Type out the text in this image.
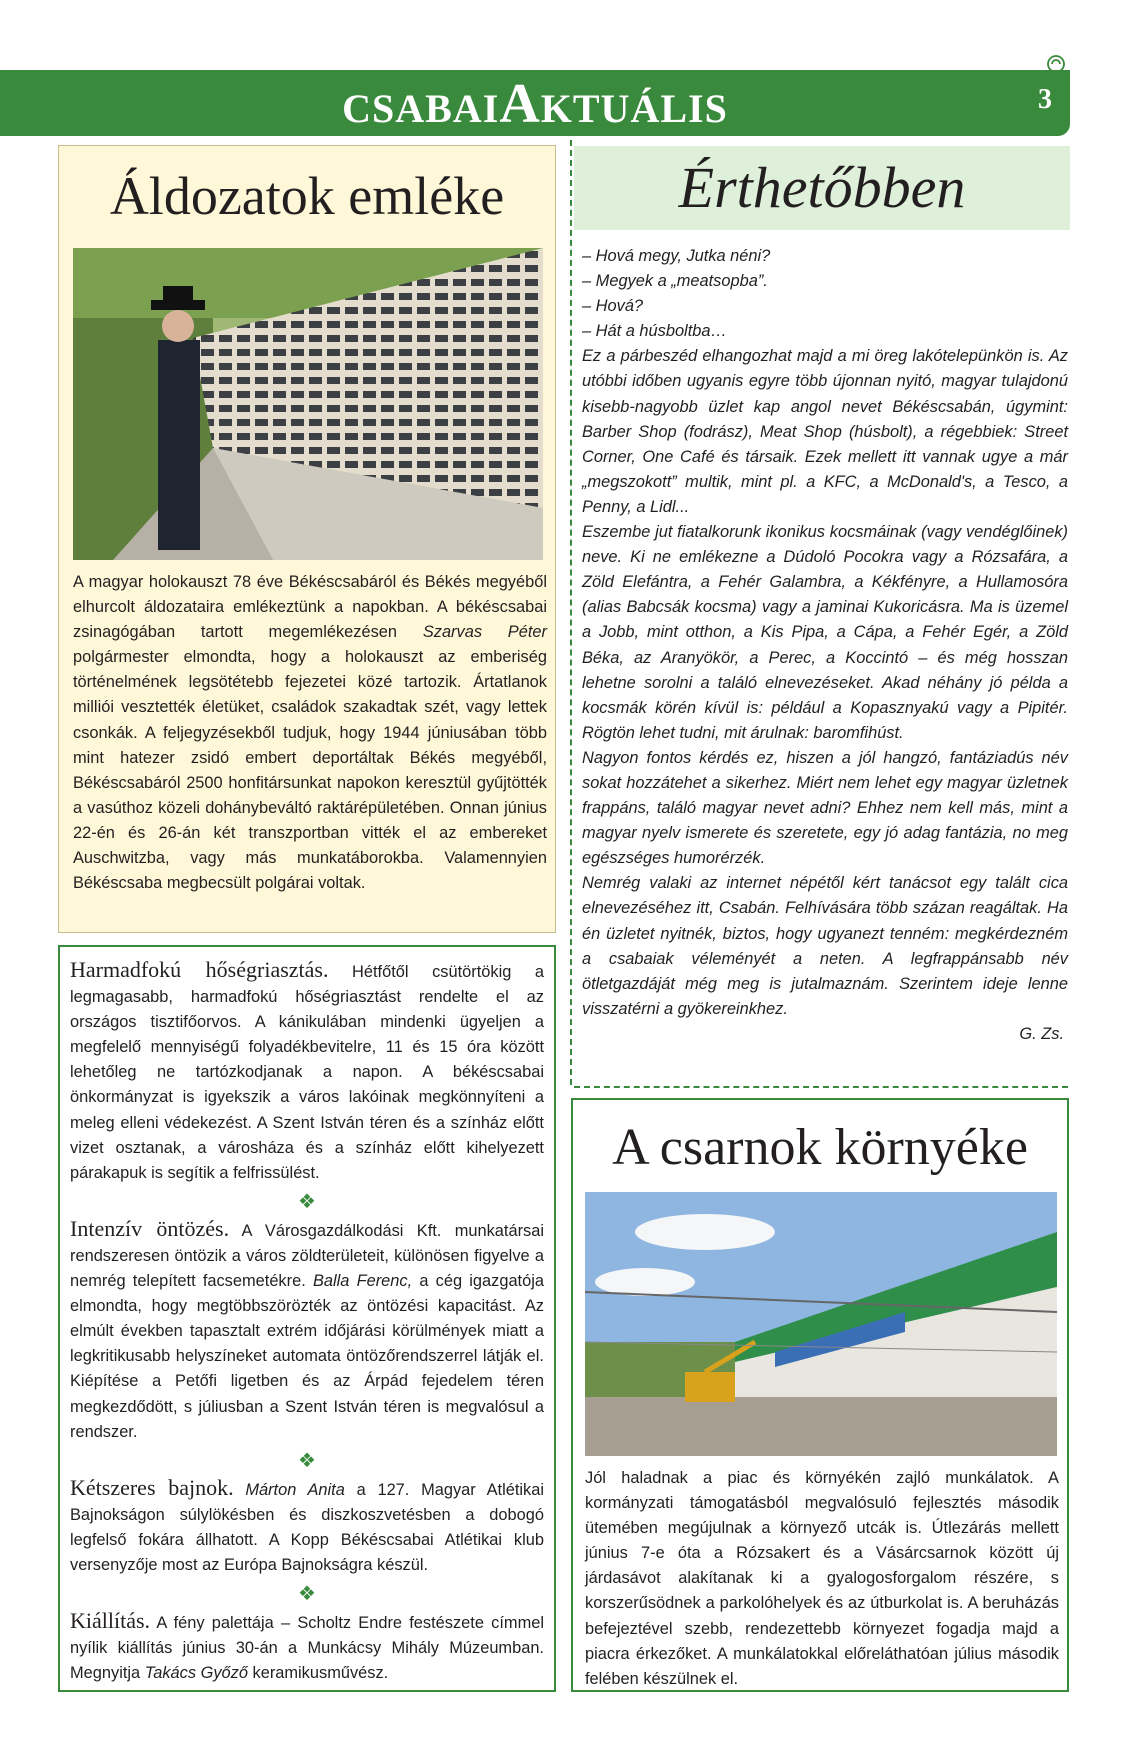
CSABAIAKTUÁLIS	3
Áldozatok emléke

A magyar holokauszt 78 éve Békéscsabáról és Békés megyéből elhurcolt áldozataira emlékeztünk a napokban. A békéscsabai zsinagógában tartott megemlékezésen Szarvas Péter polgármester elmondta, hogy a holokauszt az emberiség történelmének legsötétebb fejezetei közé tartozik. Ártatlanok milliói vesztették életüket, családok szakadtak szét, vagy lettek csonkák. A feljegyzésekből tudjuk, hogy 1944 júniusában több mint hatezer zsidó embert deportáltak Békés megyéből, Békéscsabáról 2500 honfitársunkat napokon keresztül gyűjtötték a vasúthoz közeli dohánybeváltó raktárépületében. Onnan június 22-én és 26-án két transzportban vitték el az embereket Auschwitzba, vagy más munkatáborokba. Valamennyien Békéscsaba megbecsült polgárai voltak.

Érthetőbben

– Hová megy, Jutka néni?

– Megyek a „meatsopba”.

– Hová?

– Hát a húsboltba…

Ez a párbeszéd elhangozhat majd a mi öreg lakótelepünkön is. Az utóbbi időben ugyanis egyre több újonnan nyitó, magyar tulajdonú kisebb-nagyobb üzlet kap angol nevet Békéscsabán, úgymint: Barber Shop (fodrász), Meat Shop (húsbolt), a régebbiek: Street Corner, One Café és társaik. Ezek mellett itt vannak ugye a már „megszokott” multik, mint pl. a KFC, a McDonald's, a Tesco, a Penny, a Lidl...

Eszembe jut fiatalkorunk ikonikus kocsmáinak (vagy vendéglőinek) neve. Ki ne emlékezne a Dúdoló Pocokra vagy a Rózsafára, a Zöld Elefántra, a Fehér Galambra, a Kékfényre, a Hullamosóra (alias Babcsák kocsma) vagy a jaminai Kukoricásra. Ma is üzemel a Jobb, mint otthon, a Kis Pipa, a Cápa, a Fehér Egér, a Zöld Béka, az Aranyökör, a Perec, a Koccintó – és még hosszan lehetne sorolni a találó elnevezéseket. Akad néhány jó példa a kocsmák körén kívül is: például a Kopasznyakú vagy a Pipitér. Rögtön lehet tudni, mit árulnak: baromfihúst.

Nagyon fontos kérdés ez, hiszen a jól hangzó, fantáziadús név sokat hozzátehet a sikerhez. Miért nem lehet egy magyar üzletnek frappáns, találó magyar nevet adni? Ehhez nem kell más, mint a magyar nyelv ismerete és szeretete, egy jó adag fantázia, no meg egészséges humorérzék.

Nemrég valaki az internet népétől kért tanácsot egy talált cica elnevezéséhez itt, Csabán. Felhívására több százan reagáltak. Ha én üzletet nyitnék, biztos, hogy ugyanezt tenném: megkérdezném a csabaiak véleményét a neten. A legfrappánsabb név ötletgazdáját még meg is jutalmaznám. Szerintem ideje lenne visszatérni a gyökereinkhez.

G. Zs.

Harmadfokú hőségriasztás. Hétfőtől csütörtökig a legmagasabb, harmadfokú hőségriasztást rendelte el az országos tisztifőorvos. A kánikulában mindenki ügyeljen a megfelelő mennyiségű folyadékbevitelre, 11 és 15 óra között lehetőleg ne tartózkodjanak a napon. A békéscsabai önkormányzat is igyekszik a város lakóinak megkönnyíteni a meleg elleni védekezést. A Szent István téren és a színház előtt vizet osztanak, a városháza és a színház előtt kihelyezett párakapuk is segítik a felfrissülést.

❖

Intenzív öntözés. A Városgazdálkodási Kft. munkatársai rendszeresen öntözik a város zöldterületeit, különösen figyelve a nemrég telepített facsemetékre. Balla Ferenc, a cég igazgatója elmondta, hogy megtöbbszörözték az öntözési kapacitást. Az elmúlt években tapasztalt extrém időjárási körülmények miatt a legkritikusabb helyszíneket automata öntözőrendszerrel látják el. Kiépítése a Petőfi ligetben és az Árpád fejedelem téren megkezdődött, s júliusban a Szent István téren is megvalósul a rendszer.

❖

Kétszeres bajnok. Márton Anita a 127. Magyar Atlétikai Bajnokságon súlylökésben és diszkoszvetésben a dobogó legfelső fokára állhatott. A Kopp Békéscsabai Atlétikai klub versenyzője most az Európa Bajnokságra készül.

❖

Kiállítás. A fény palettája – Scholtz Endre festészete címmel nyílik kiállítás június 30-án a Munkácsy Mihály Múzeumban. Megnyitja Takács Győző keramikusművész.

A csarnok környéke

Jól haladnak a piac és környékén zajló munkálatok. A kormányzati támogatásból megvalósuló fejlesztés második ütemében megújulnak a környező utcák is. Útlezárás mellett június 7-e óta a Rózsakert és a Vásárcsarnok között új járdasávot alakítanak ki a gyalogosforgalom részére, s korszerűsödnek a parkolóhelyek és az útburkolat is. A beruházás befejeztével szebb, rendezettebb környezet fogadja majd a piacra érkezőket. A munkálatokkal előreláthatóan július második felében készülnek el.
